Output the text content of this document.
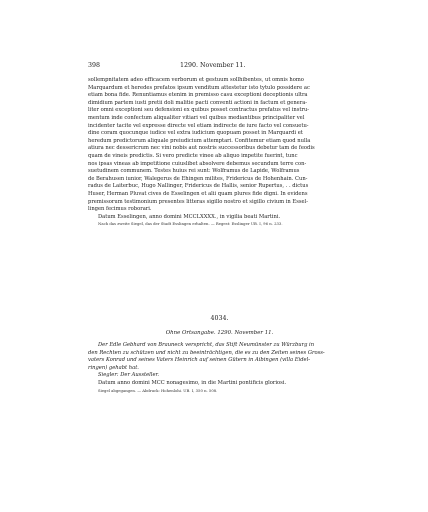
398	1290. November 11.
sollempnitatem adeo efficacem verborum et gestuum sollhibentes, ut omnis homo
Marquardum et heredes prefatos ipsum venditum attestetur isto tytulo possidere ac
etiam bona fide. Renuntiamus etenim in premisso casu exceptioni deceptionis ultra
dimidium partem iusti pretii doli malitie pacti conventi actioni in factum et genera-
liter omni exceptioni seu defensioni ex quibus posset contractus prefatus vel instru-
mentum inde confectum aliqualiter vitiari vel quibus mediantibus principaliter vel
incidenter tacite vel expresse directe vel etiam indirecte de iure facto vel consuetu-
dine coram quocunque iudice vel extra iudicium quopuam posset in Marquardi et
heredum predictorum aliquale preiudicium attemptari. Confitemur etiam quod nulla
atiura nec dessericrum nec vini nobis aut nostris successoribus debetur tam de feodis
quam de vineis predictis. Si vero predicte vinee ab aliquo impetite fuerint, tunc
nos ipsas vineas ab impetitione cuiuslibet absolvere debemus secundum terre con-
suetudinem communem. Testes huius rei sunt: Wolframus de Lapide, Wolframus
de Berahusen iunior, Walegerus de Ehingen milites, Fridericus de Hohenhain. Cun-
radus de Laiterbuc, Hugo Nallinger, Fridericus de Hallis, senior Rupertus, . . dictus
Huser, Herman Pluvat cives de Esselingen et alii quam plures fide digni. In evidens
premissorum testimonium presentes litteras sigillo nostro et sigillo civium in Essel-
lingen fecimus roborari.
Datum Esselingen, anno domini MCCLXXXX., in vigilia beati Martini.
Nach das zweite Siegel, das der Stadt Esslingen erhalten. — Regest: Esslinger UB. I, 96 n. 233.
4034.
Ohne Ortsangabe. 1290. November 11.
Der Edle Gebhard von Brauneck verspricht, das Stift Neumünster zu Würzburg in
den Rechten zu schützen und nicht zu beeinträchtigen, die es zu den Zeiten seines Gross-
vaters Konrad und seines Vaters Heinrich auf seinen Gütern in Aibingen (villa Eidel-
ringen) gehabt hat.
Siegler: Der Aussteller.
Datum anno domini MCC nonagesimo, in die Martini pontificis gloriosi.
Siegel abgegangen. — Abdruck: Hohenlohi. UB. I, 350 n. 508.
